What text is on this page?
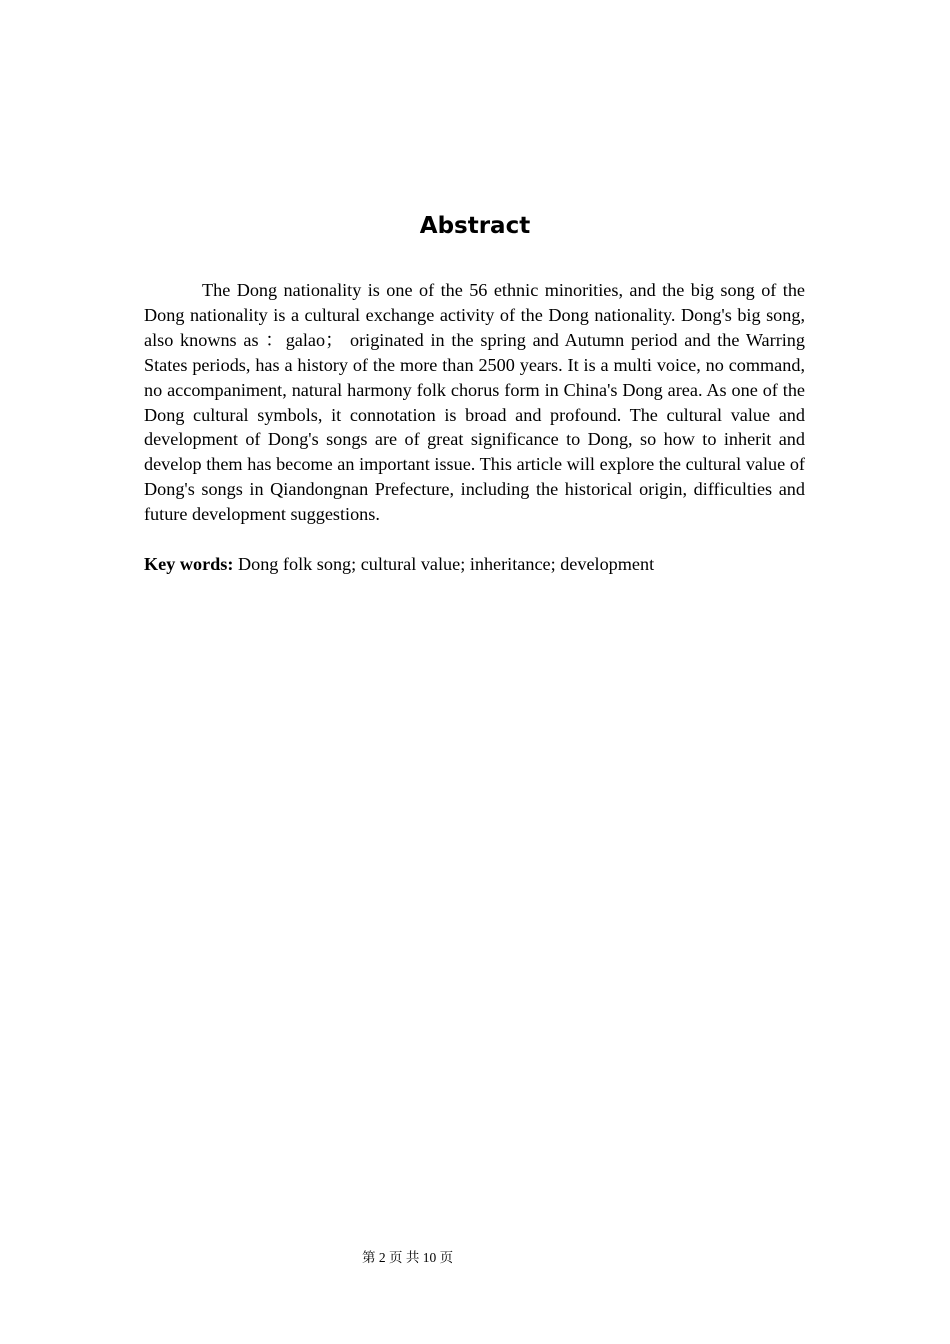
Abstract

The Dong nationality is one of the 56 ethnic minorities, and the big song of the Dong nationality is a cultural exchange activity of the Dong nationality. Dong's big song, also knowns as ：galao； originated in the spring and Autumn period and the Warring States periods, has a history of the more than 2500 years. It is a multi voice, no command, no accompaniment, natural harmony folk chorus form in China's Dong area. As one of the Dong cultural symbols, it connotation is broad and profound. The cultural value and development of Dong's songs are of great significance to Dong, so how to inherit and develop them has become an important issue. This article will explore the cultural value of Dong's songs in Qiandongnan Prefecture, including the historical origin, difficulties and future development suggestions.

Key words: Dong folk song; cultural value; inheritance; development

第 2 页 共 10 页
